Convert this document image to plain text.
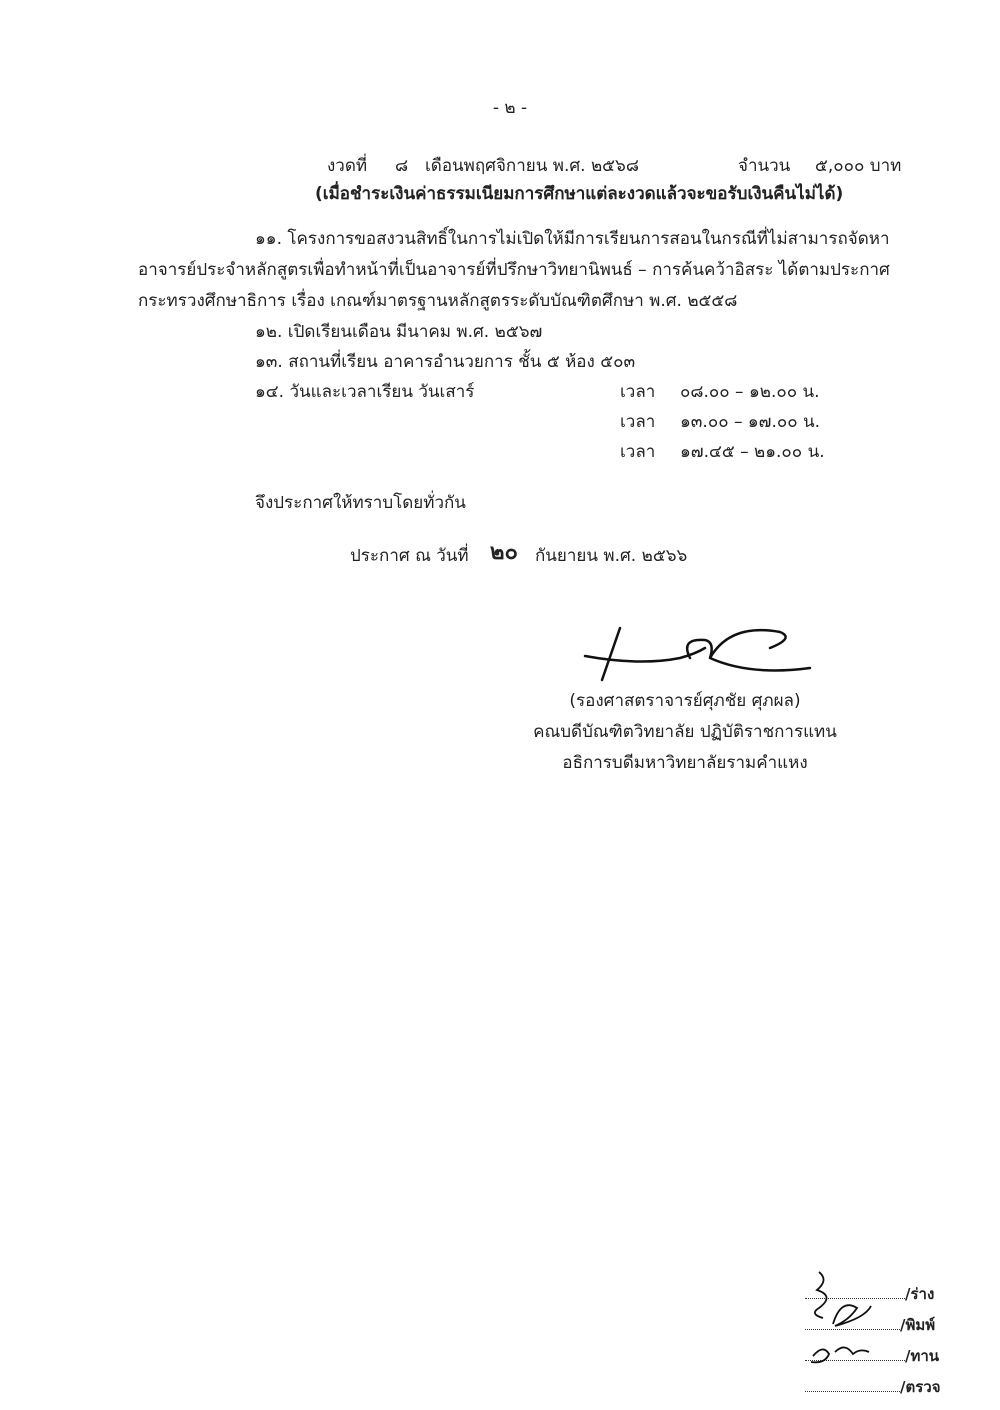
- ๒ -
งวดที่ ๘ เดือนพฤศจิกายน พ.ศ. ๒๕๖๘	จำนวน ๕,๐๐๐ บาท
(เมื่อชำระเงินค่าธรรมเนียมการศึกษาแต่ละงวดแล้วจะขอรับเงินคืนไม่ได้)
๑๑. โครงการขอสงวนสิทธิ์ในการไม่เปิดให้มีการเรียนการสอนในกรณีที่ไม่สามารถจัดหา
อาจารย์ประจำหลักสูตรเพื่อทำหน้าที่เป็นอาจารย์ที่ปรึกษาวิทยานิพนธ์ – การค้นคว้าอิสระ ได้ตามประกาศ
กระทรวงศึกษาธิการ เรื่อง เกณฑ์มาตรฐานหลักสูตรระดับบัณฑิตศึกษา พ.ศ. ๒๕๕๘
๑๒. เปิดเรียนเดือน มีนาคม พ.ศ. ๒๕๖๗
๑๓. สถานที่เรียน อาคารอำนวยการ ชั้น ๕ ห้อง ๕๐๓
๑๔. วันและเวลาเรียน วันเสาร์	เวลา ๐๘.๐๐ – ๑๒.๐๐ น.
เวลา ๑๓.๐๐ – ๑๗.๐๐ น.
เวลา ๑๗.๔๕ – ๒๑.๐๐ น.
จึงประกาศให้ทราบโดยทั่วกัน
ประกาศ ณ วันที่ ๒๐ กันยายน พ.ศ. ๒๕๖๖
(รองศาสตราจารย์ศุภชัย ศุภผล)
คณบดีบัณฑิตวิทยาลัย ปฏิบัติราชการแทน
อธิการบดีมหาวิทยาลัยรามคำแหง
/ร่าง
/พิมพ์
/ทาน
/ตรวจ
